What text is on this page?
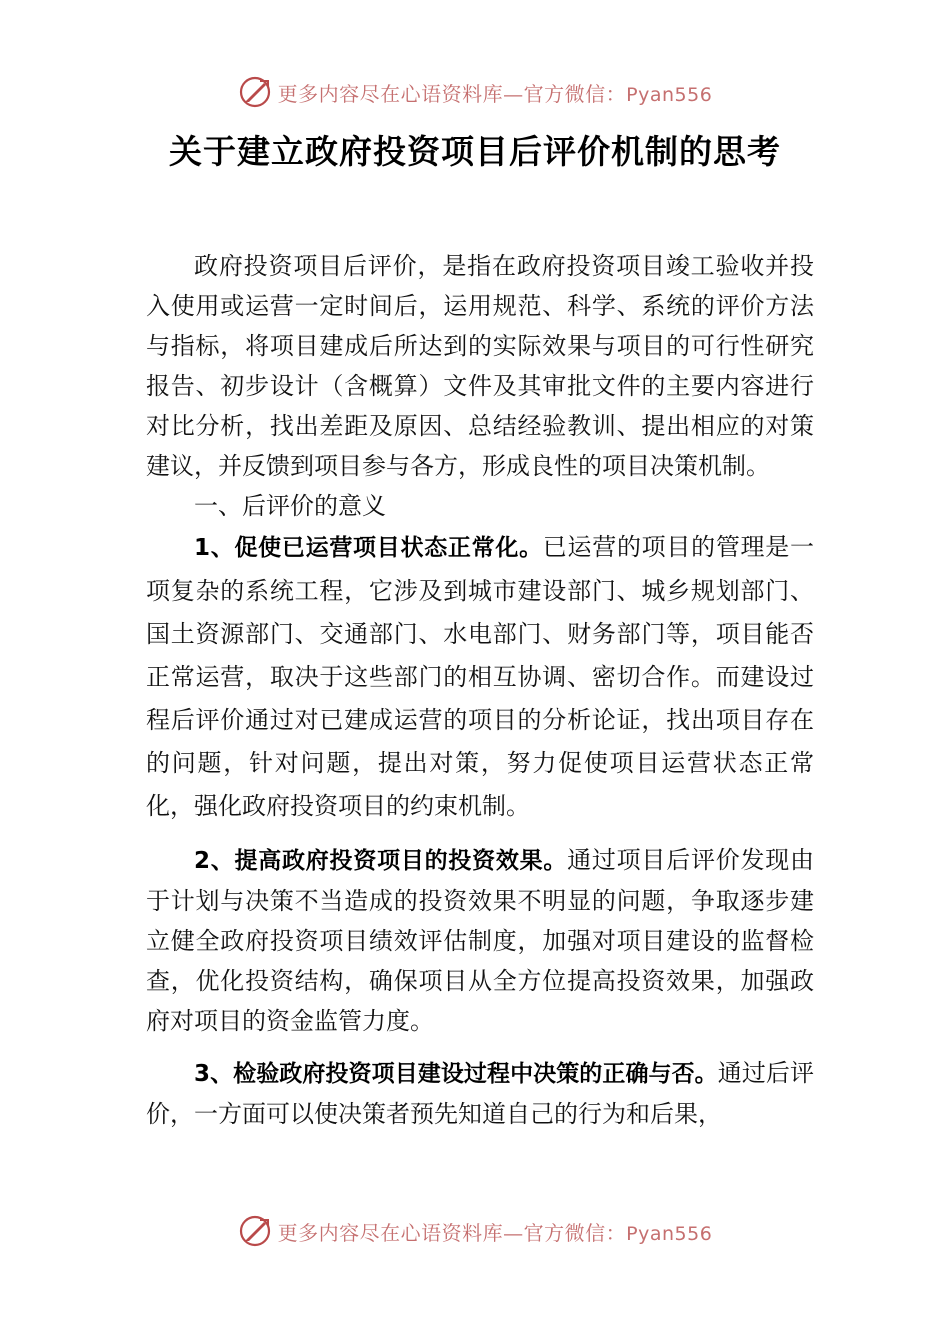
更多内容尽在心语资料库—官方微信：Pyan556
关于建立政府投资项目后评价机制的思考

政府投资项目后评价，是指在政府投资项目竣工验收并投入使用或运营一定时间后，运用规范、科学、系统的评价方法与指标，将项目建成后所达到的实际效果与项目的可行性研究报告、初步设计（含概算）文件及其审批文件的主要内容进行对比分析，找出差距及原因、总结经验教训、提出相应的对策建议，并反馈到项目参与各方，形成良性的项目决策机制。

一、后评价的意义

1、促使已运营项目状态正常化。已运营的项目的管理是一项复杂的系统工程，它涉及到城市建设部门、城乡规划部门、国土资源部门、交通部门、水电部门、财务部门等，项目能否正常运营，取决于这些部门的相互协调、密切合作。而建设过程后评价通过对已建成运营的项目的分析论证，找出项目存在的问题，针对问题，提出对策，努力促使项目运营状态正常化，强化政府投资项目的约束机制。

2、提高政府投资项目的投资效果。通过项目后评价发现由于计划与决策不当造成的投资效果不明显的问题，争取逐步建立健全政府投资项目绩效评估制度，加强对项目建设的监督检查，优化投资结构，确保项目从全方位提高投资效果，加强政府对项目的资金监管力度。

3、检验政府投资项目建设过程中决策的正确与否。通过后评价，一方面可以使决策者预先知道自己的行为和后果，

更多内容尽在心语资料库—官方微信：Pyan556
